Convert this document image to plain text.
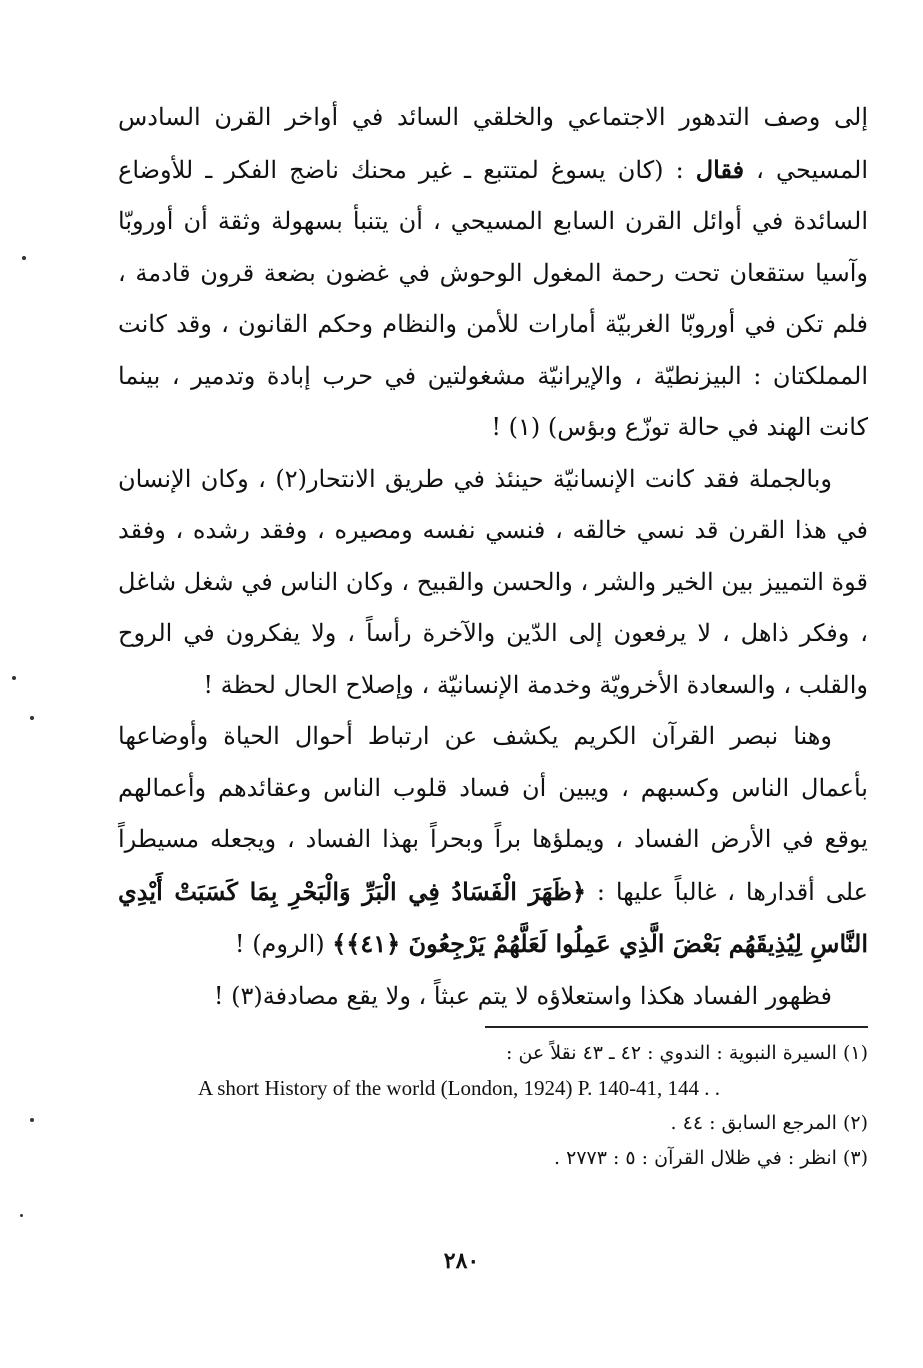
إلى وصف التدهور الاجتماعي والخلقي السائد في أواخر القرن السادس المسيحي ، فقال : (كان يسوغ لمتتبع ـ غير محنك ناضج الفكر ـ للأوضاع السائدة في أوائل القرن السابع المسيحي ، أن يتنبأ بسهولة وثقة أن أوروبّا وآسيا ستقعان تحت رحمة المغول الوحوش في غضون بضعة قرون قادمة ، فلم تكن في أوروبّا الغربيّة أمارات للأمن والنظام وحكم القانون ، وقد كانت المملكتان : البيزنطيّة ، والإيرانيّة مشغولتين في حرب إبادة وتدمير ، بينما كانت الهند في حالة توزّع وبؤس) (١) !

وبالجملة فقد كانت الإنسانيّة حينئذ في طريق الانتحار(٢) ، وكان الإنسان في هذا القرن قد نسي خالقه ، فنسي نفسه ومصيره ، وفقد رشده ، وفقد قوة التمييز بين الخير والشر ، والحسن والقبيح ، وكان الناس في شغل شاغل ، وفكر ذاهل ، لا يرفعون إلى الدّين والآخرة رأساً ، ولا يفكرون في الروح والقلب ، والسعادة الأخرويّة وخدمة الإنسانيّة ، وإصلاح الحال لحظة !

وهنا نبصر القرآن الكريم يكشف عن ارتباط أحوال الحياة وأوضاعها بأعمال الناس وكسبهم ، ويبين أن فساد قلوب الناس وعقائدهم وأعمالهم يوقع في الأرض الفساد ، ويملؤها براً وبحراً بهذا الفساد ، ويجعله مسيطراً على أقدارها ، غالباً عليها : ﴿ظَهَرَ الْفَسَادُ فِي الْبَرِّ وَالْبَحْرِ بِمَا كَسَبَتْ أَيْدِي النَّاسِ لِيُذِيقَهُم بَعْضَ الَّذِي عَمِلُوا لَعَلَّهُمْ يَرْجِعُونَ ﴿٤١﴾﴾ (الروم) !

فظهور الفساد هكذا واستعلاؤه لا يتم عبثاً ، ولا يقع مصادفة(٣) !

(١) السيرة النبوية : الندوي : ٤٢ ـ ٤٣ نقلاً عن :
A short History of the world (London, 1924) P. 140-41, 144 . .
(٢) المرجع السابق : ٤٤ .
(٣) انظر : في ظلال القرآن : ٥ : ٢٧٧٣ .
٢٨٠
